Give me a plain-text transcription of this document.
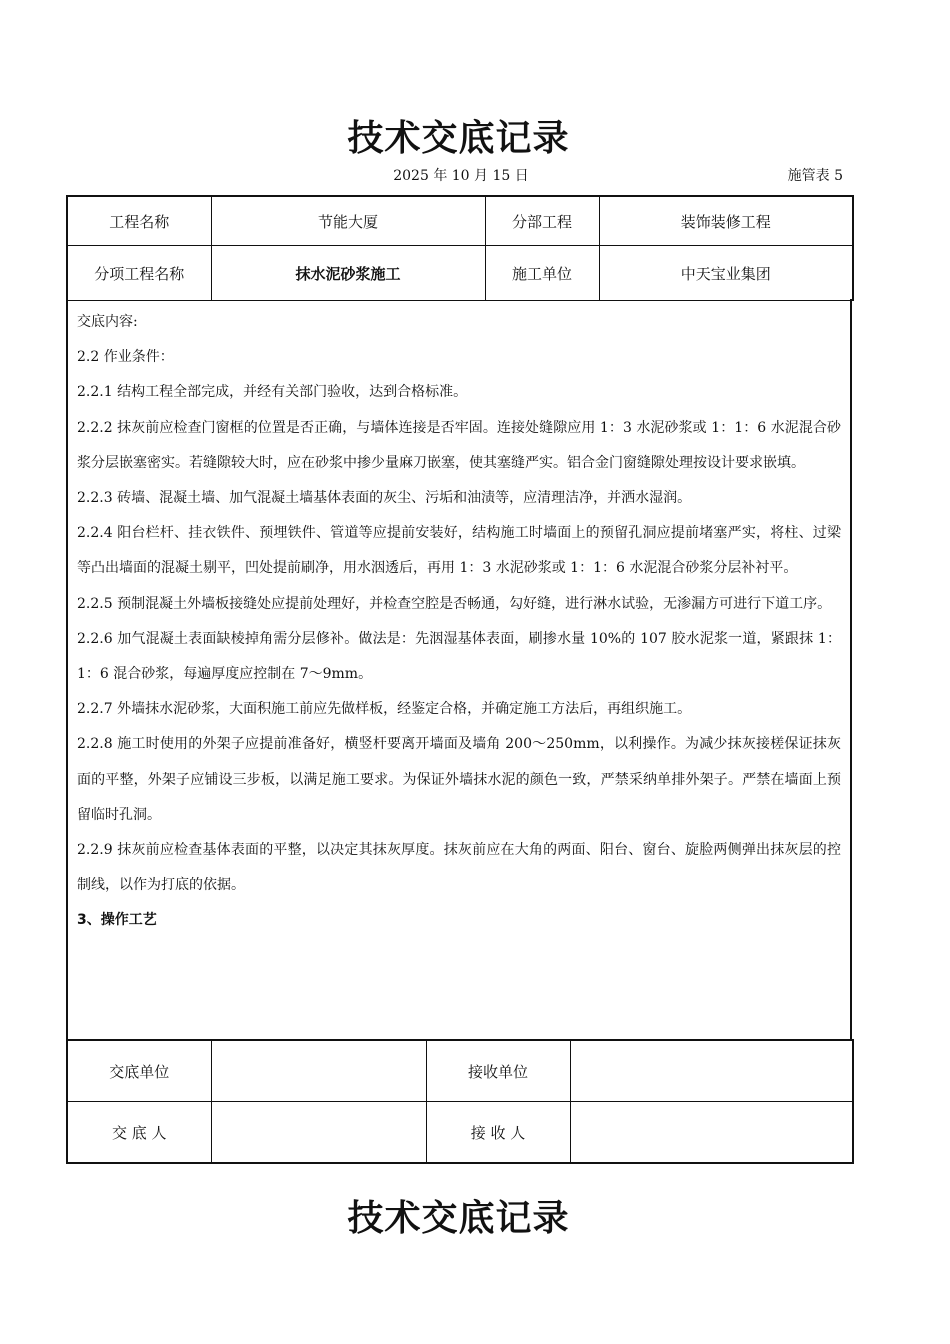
技术交底记录
2025 年 10 月 15 日	施管表 5
工程名称	节能大厦	分部工程	装饰装修工程
分项工程名称	抹水泥砂浆施工	施工单位	中天宝业集团

交底内容:

2.2 作业条件：

2.2.1 结构工程全部完成，并经有关部门验收，达到合格标准。

2.2.2 抹灰前应检查门窗框的位置是否正确，与墙体连接是否牢固。连接处缝隙应用 1：3 水泥砂浆或 1：1：6 水泥混合砂浆分层嵌塞密实。若缝隙较大时，应在砂浆中掺少量麻刀嵌塞，使其塞缝严实。铝合金门窗缝隙处理按设计要求嵌填。

2.2.3 砖墙、混凝土墙、加气混凝土墙基体表面的灰尘、污垢和油渍等，应清理洁净，并洒水湿润。

2.2.4 阳台栏杆、挂衣铁件、预埋铁件、管道等应提前安装好，结构施工时墙面上的预留孔洞应提前堵塞严实，将柱、过梁等凸出墙面的混凝土剔平，凹处提前刷净，用水洇透后，再用 1：3 水泥砂浆或 1：1：6 水泥混合砂浆分层补衬平。

2.2.5 预制混凝土外墙板接缝处应提前处理好，并检查空腔是否畅通，勾好缝，进行淋水试验，无渗漏方可进行下道工序。

2.2.6 加气混凝土表面缺棱掉角需分层修补。做法是：先洇湿基体表面，刷掺水量 10%的 107 胶水泥浆一道，紧跟抹 1：1：6 混合砂浆，每遍厚度应控制在 7～9mm。

2.2.7 外墙抹水泥砂浆，大面积施工前应先做样板，经鉴定合格，并确定施工方法后，再组织施工。

2.2.8 施工时使用的外架子应提前准备好，横竖杆要离开墙面及墙角 200～250mm，以利操作。为减少抹灰接槎保证抹灰面的平整，外架子应铺设三步板，以满足施工要求。为保证外墙抹水泥的颜色一致，严禁采纳单排外架子。严禁在墙面上预留临时孔洞。

2.2.9 抹灰前应检查基体表面的平整，以决定其抹灰厚度。抹灰前应在大角的两面、阳台、窗台、旋脸两侧弹出抹灰层的控制线，以作为打底的依据。

3、操作工艺

交底单位		接收单位	
交 底 人		接 收 人	
技术交底记录
